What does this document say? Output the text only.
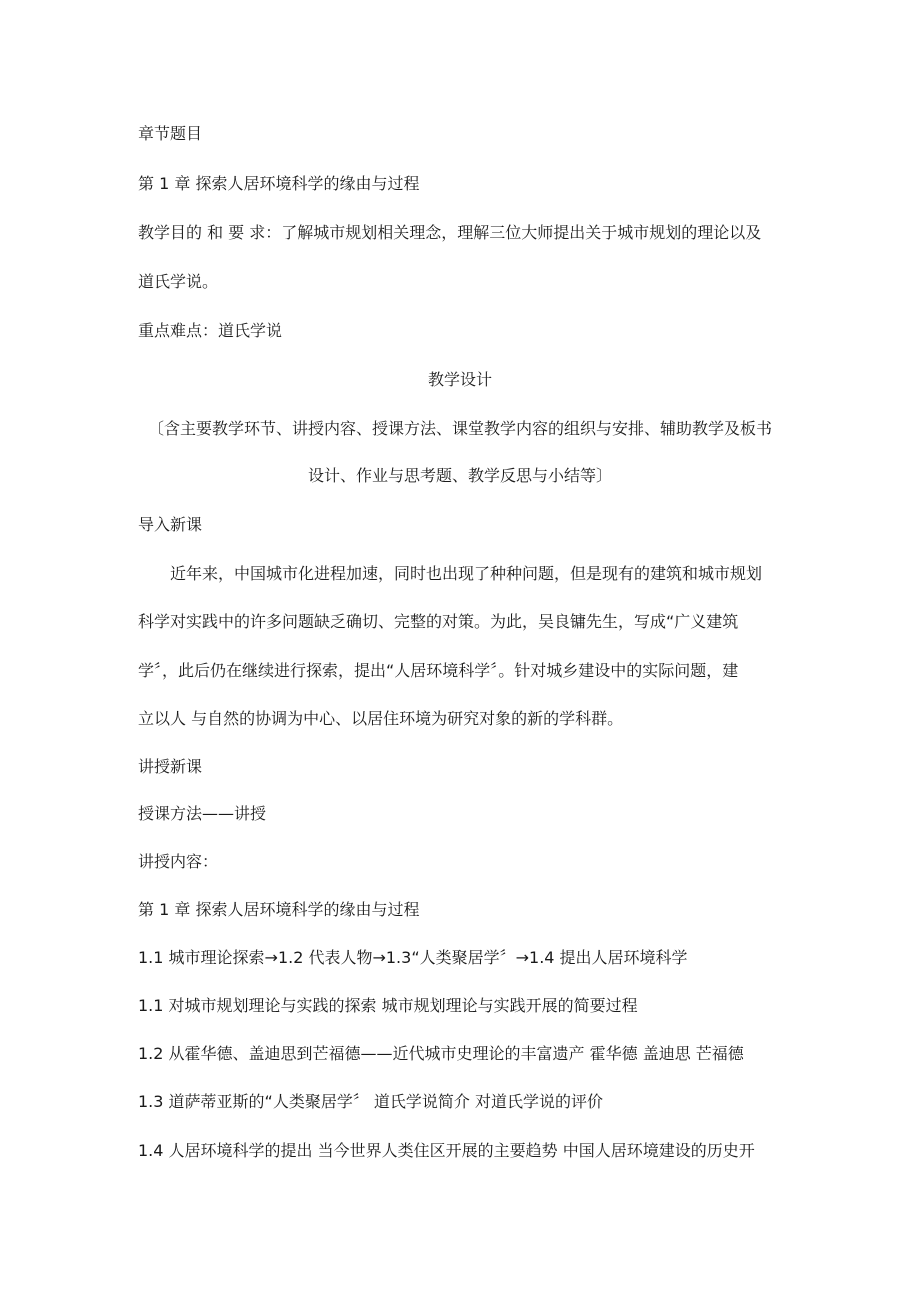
章节题目
第 1 章 探索人居环境科学的缘由与过程
教学目的 和 要 求：了解城市规划相关理念，理解三位大师提出关于城市规划的理论以及
道氏学说。
重点难点：道氏学说
教学设计
〔含主要教学环节、讲授内容、授课方法、课堂教学内容的组织与安排、辅助教学及板书
设计、作业与思考题、教学反思与小结等〕
导入新课
近年来，中国城市化进程加速，同时也出现了种种问题，但是现有的建筑和城市规划
科学对实践中的许多问题缺乏确切、完整的对策。为此，吴良镛先生，写成“广义建筑
学〞，此后仍在继续进行探索，提出“人居环境科学〞。针对城乡建设中的实际问题，建
立以人 与自然的协调为中心、以居住环境为研究对象的新的学科群。
讲授新课
授课方法——讲授
讲授内容：
第 1 章 探索人居环境科学的缘由与过程
1.1 城市理论探索→1.2 代表人物→1.3“人类聚居学〞→1.4 提出人居环境科学
1.1 对城市规划理论与实践的探索 城市规划理论与实践开展的简要过程
1.2 从霍华德、盖迪思到芒福德——近代城市史理论的丰富遗产 霍华德 盖迪思 芒福德
1.3 道萨蒂亚斯的“人类聚居学〞 道氏学说简介 对道氏学说的评价
1.4 人居环境科学的提出 当今世界人类住区开展的主要趋势 中国人居环境建设的历史开
